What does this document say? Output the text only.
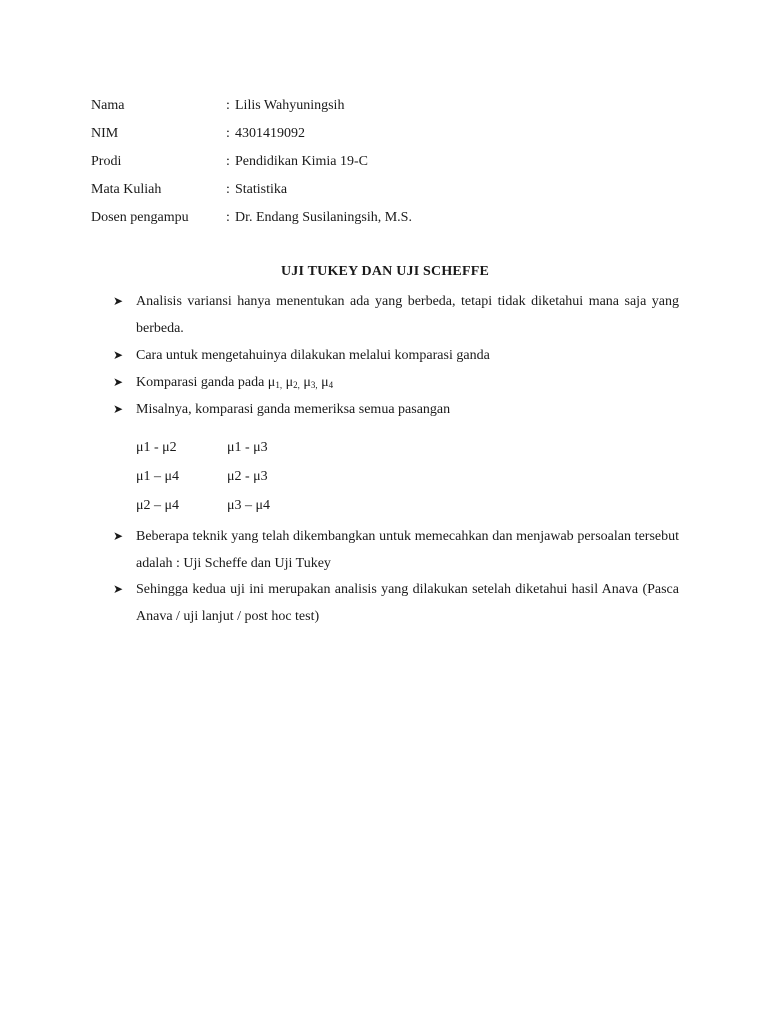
Nama	:	Lilis Wahyuningsih
NIM	:	4301419092
Prodi	:	Pendidikan Kimia 19-C
Mata Kuliah	:	Statistika
Dosen pengampu	:	Dr. Endang Susilaningsih, M.S.
UJI TUKEY DAN UJI SCHEFFE
➤ Analisis variansi hanya menentukan ada yang berbeda, tetapi tidak diketahui mana saja yang berbeda.
➤ Cara untuk mengetahuinya dilakukan melalui komparasi ganda
➤ Komparasi ganda pada $\mu_{1,}$ $\mu_{2,}$ $\mu_{3,}$ $\mu_4$
➤ Misalnya, komparasi ganda memeriksa semua pasangan
μ1 - μ2	μ1 - μ3
μ1 – μ4	μ2 - μ3
μ2 – μ4	μ3 – μ4
➤ Beberapa teknik yang telah dikembangkan untuk memecahkan dan menjawab persoalan tersebut adalah : Uji Scheffe dan Uji Tukey
➤ Sehingga kedua uji ini merupakan analisis yang dilakukan setelah diketahui hasil Anava (Pasca Anava / uji lanjut / post hoc test)
